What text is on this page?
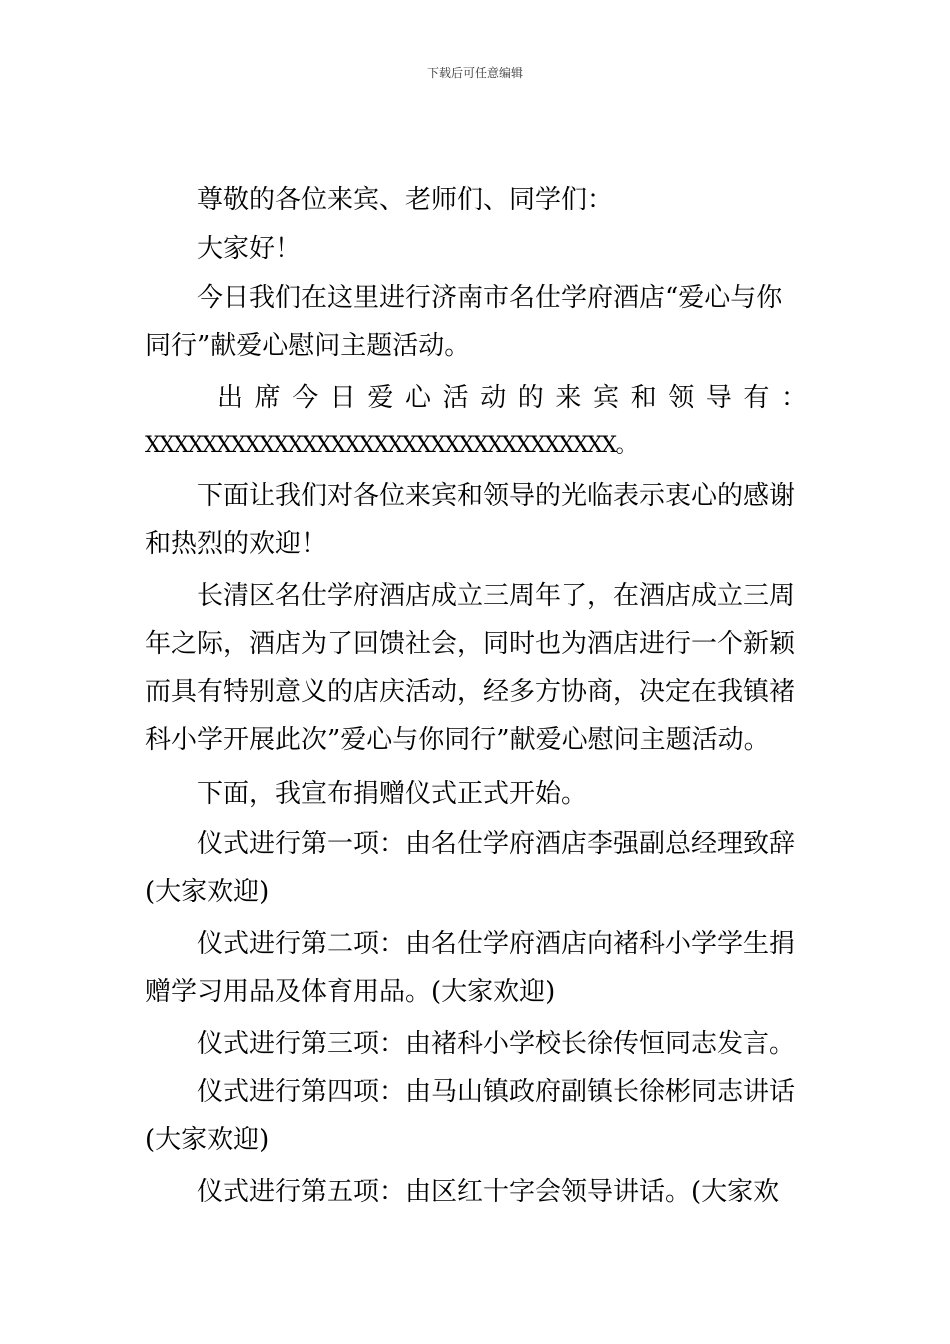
下载后可任意编辑
尊敬的各位来宾、老师们、同学们：
大家好！
今日我们在这里进行济南市名仕学府酒店“爱心与你
同行”献爱心慰问主题活动。
出席今日爱心活动的来宾和领导有：
XXXXXXXXXXXXXXXXXXXXXXXXXXXXXXXXX。
下面让我们对各位来宾和领导的光临表示衷心的感谢
和热烈的欢迎！
长清区名仕学府酒店成立三周年了，在酒店成立三周
年之际，酒店为了回馈社会，同时也为酒店进行一个新颖
而具有特别意义的店庆活动，经多方协商，决定在我镇褚
科小学开展此次”爱心与你同行”献爱心慰问主题活动。
下面，我宣布捐赠仪式正式开始。
仪式进行第一项：由名仕学府酒店李强副总经理致辞
(大家欢迎)
仪式进行第二项：由名仕学府酒店向褚科小学学生捐
赠学习用品及体育用品。(大家欢迎)
仪式进行第三项：由褚科小学校长徐传恒同志发言。
仪式进行第四项：由马山镇政府副镇长徐彬同志讲话
(大家欢迎)
仪式进行第五项：由区红十字会领导讲话。(大家欢
